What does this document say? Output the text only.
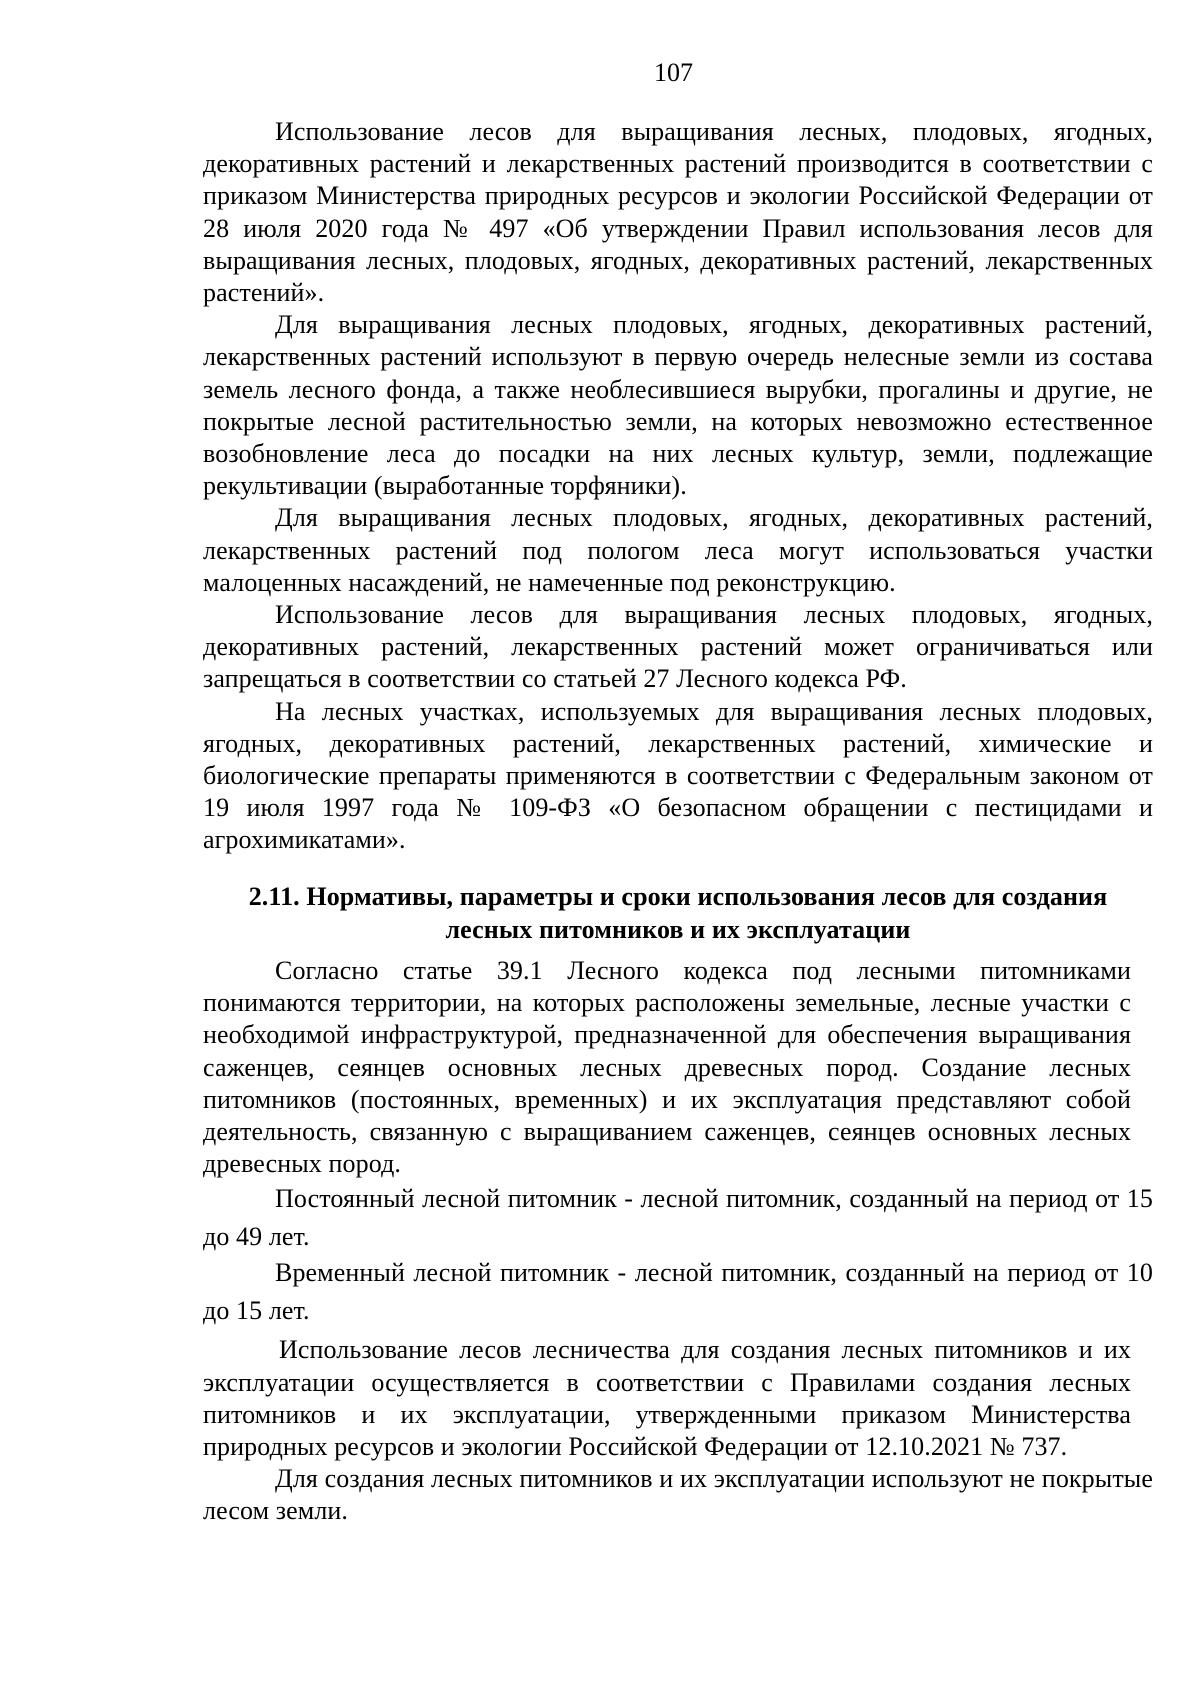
107

Использование лесов для выращивания лесных, плодовых, ягодных, декоративных растений и лекарственных растений производится в соответствии с приказом Министерства природных ресурсов и экологии Российской Федерации от 28 июля 2020 года № 497 «Об утверждении Правил использования лесов для выращивания лесных, плодовых, ягодных, декоративных растений, лекарственных растений».

Для выращивания лесных плодовых, ягодных, декоративных растений, лекарственных растений используют в первую очередь нелесные земли из состава земель лесного фонда, а также необлесившиеся вырубки, прогалины и другие, не покрытые лесной растительностью земли, на которых невозможно естественное возобновление леса до посадки на них лесных культур, земли, подлежащие рекультивации (выработанные торфяники).

Для выращивания лесных плодовых, ягодных, декоративных растений, лекарственных растений под пологом леса могут использоваться участки малоценных насаждений, не намеченные под реконструкцию.

Использование лесов для выращивания лесных плодовых, ягодных, декоративных растений, лекарственных растений может ограничиваться или запрещаться в соответствии со статьей 27 Лесного кодекса РФ.

На лесных участках, используемых для выращивания лесных плодовых, ягодных, декоративных растений, лекарственных растений, химические и биологические препараты применяются в соответствии с Федеральным законом от 19 июля 1997 года № 109-ФЗ «О безопасном обращении с пестицидами и агрохимикатами».

2.11. Нормативы, параметры и сроки использования лесов для создания лесных питомников и их эксплуатации

Согласно статье 39.1 Лесного кодекса под лесными питомниками понимаются территории, на которых расположены земельные, лесные участки с необходимой инфраструктурой, предназначенной для обеспечения выращивания саженцев, сеянцев основных лесных древесных пород. Создание лесных питомников (постоянных, временных) и их эксплуатация представляют собой деятельность, связанную с выращиванием саженцев, сеянцев основных лесных древесных пород.

Постоянный лесной питомник - лесной питомник, созданный на период от 15 до 49 лет.

Временный лесной питомник - лесной питомник, созданный на период от 10 до 15 лет.

Использование лесов лесничества для создания лесных питомников и их эксплуатации осуществляется в соответствии с Правилами создания лесных питомников и их эксплуатации, утвержденными приказом Министерства природных ресурсов и экологии Российской Федерации от 12.10.2021 № 737.

Для создания лесных питомников и их эксплуатации используют не покрытые лесом земли.
